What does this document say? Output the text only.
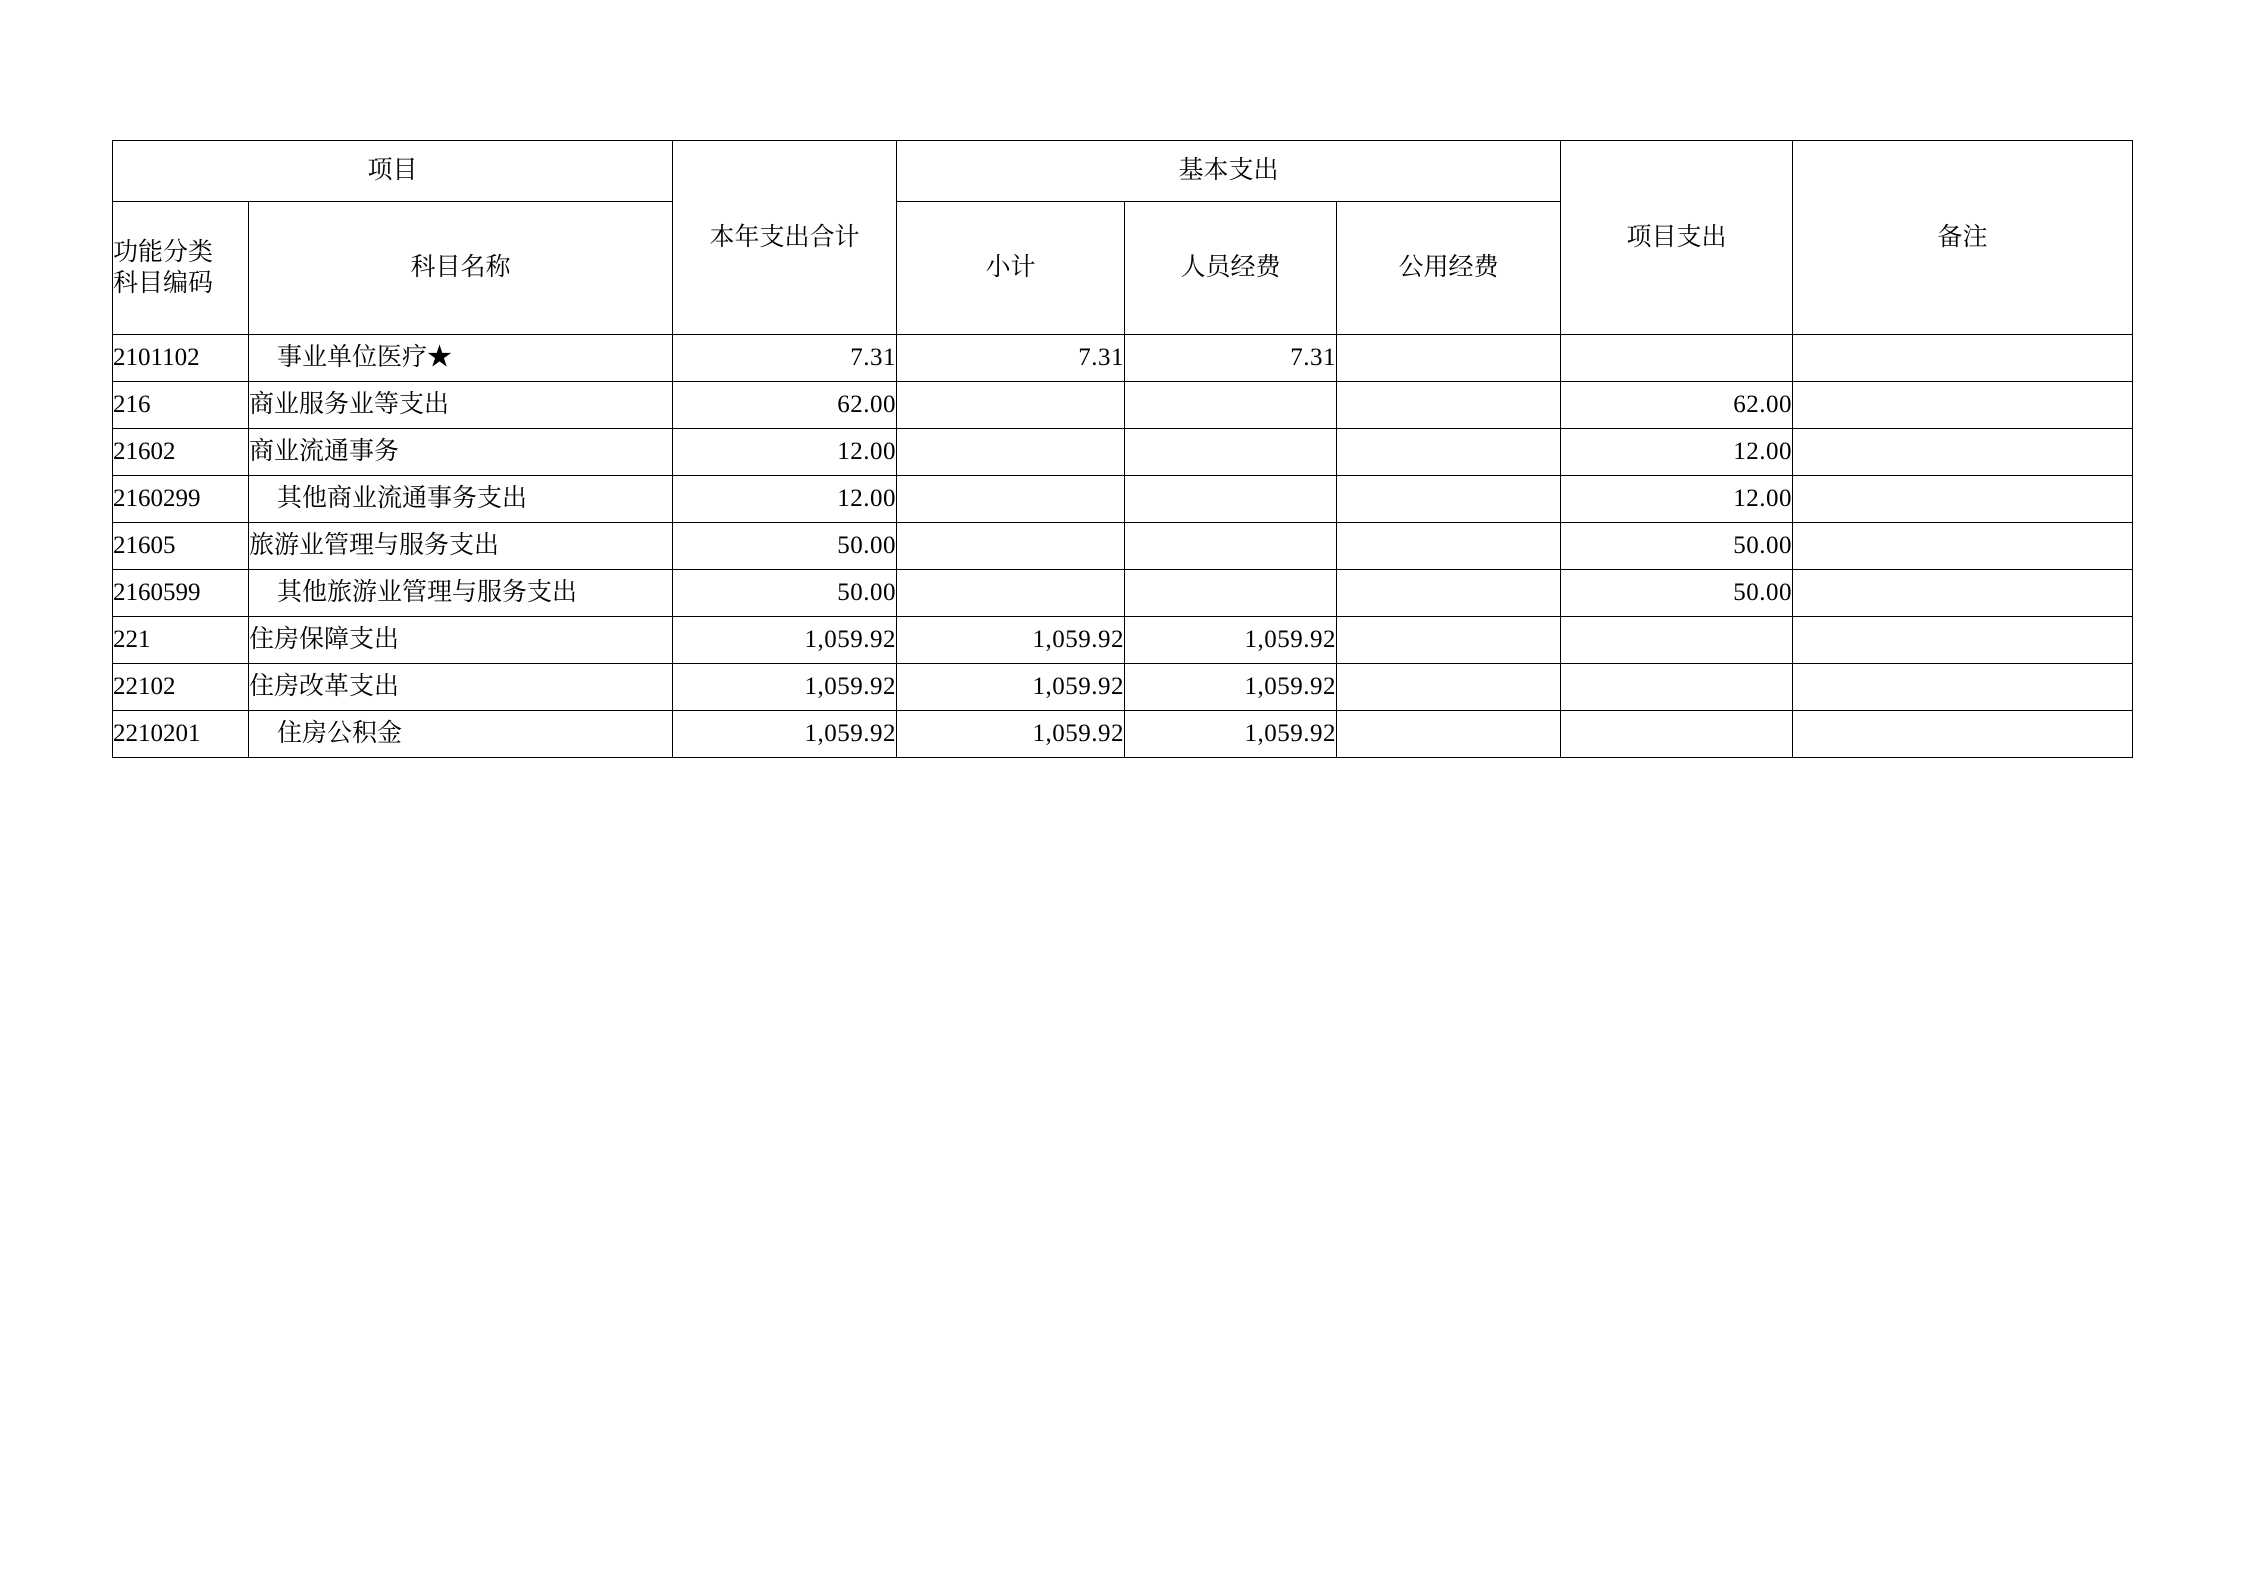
项目		本年支出合计	基本支出			项目支出	备注

功能分类
科目编码	科目名称		小计	人员经费	公用经费		
2101102	事业单位医疗★	7.31	7.31	7.31			
216	商业服务业等支出	62.00				62.00	
21602	商业流通事务	12.00				12.00	
2160299	其他商业流通事务支出	12.00				12.00	
21605	旅游业管理与服务支出	50.00				50.00	
2160599	其他旅游业管理与服务支出	50.00				50.00	
221	住房保障支出	1,059.92	1,059.92	1,059.92			
22102	住房改革支出	1,059.92	1,059.92	1,059.92			
2210201	住房公积金	1,059.92	1,059.92	1,059.92			
